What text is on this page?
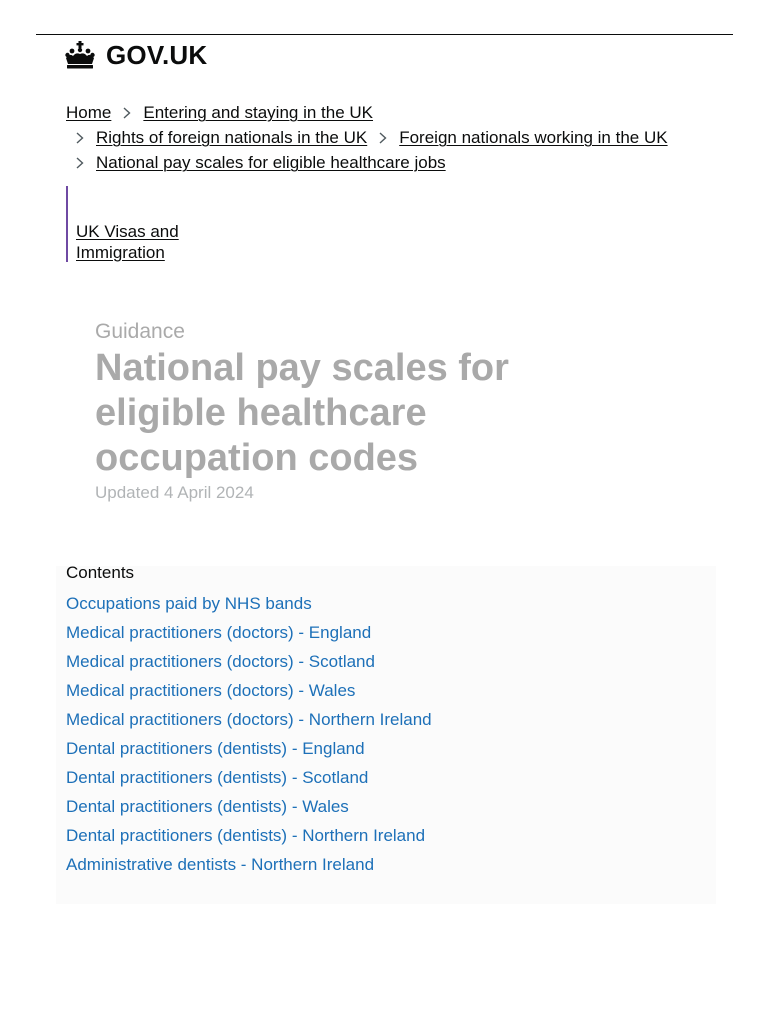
GOV.UK
Home Entering and staying in the UK
Rights of foreign nationals in the UK Foreign nationals working in the UK
National pay scales for eligible healthcare jobs
UK Visas and Immigration
Guidance
National pay scales for eligible healthcare occupation codes
Updated 4 April 2024
Contents
Occupations paid by NHS bands
Medical practitioners (doctors) - England
Medical practitioners (doctors) - Scotland
Medical practitioners (doctors) - Wales
Medical practitioners (doctors) - Northern Ireland
Dental practitioners (dentists) - England
Dental practitioners (dentists) - Scotland
Dental practitioners (dentists) - Wales
Dental practitioners (dentists) - Northern Ireland
Administrative dentists - Northern Ireland
